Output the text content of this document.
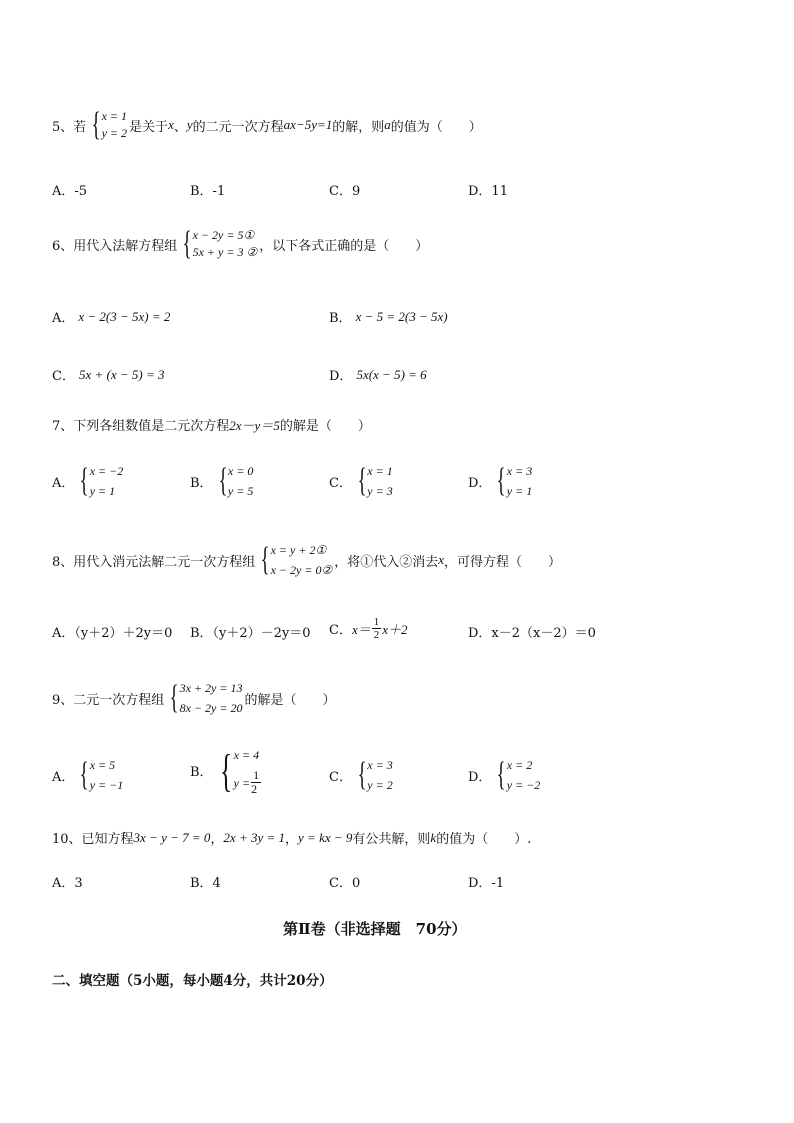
5、若 { x = 1
y = 2 是关于 x 、 y 的二元一次方程 ax−5y=1 的解，则 a 的值为（　　）
A．-5	B．-1	C．9	D．11
6、用代入法解方程组 { x − 2y = 5①
5x + y = 3 ② ，以下各式正确的是（　　）
A． x − 2(3 − 5x) = 2	B． x − 5 = 2(3 − 5x)
C． 5x + (x − 5) = 3	D． 5x(x − 5) = 6
7、下列各组数值是二元次方程 2x－y＝5 的解是（　　）
A． { x = −2
y = 1
B． { x = 0
y = 5
C． { x = 1
y = 3
D． { x = 3
y = 1
8、用代入消元法解二元一次方程组 { x = y + 2①
x − 2y = 0②
，将①代入②消去 x ，可得方程（　　）
A．（y＋2）＋2y＝0 B．（y＋2）－2y＝0 C． $x= \frac{1}{2} x+2$	D．x－2（x－2）＝0
9、二元一次方程组 { 3x + 2y = 13
8x − 2y = 20
的解是（　　）
A． { x = 5
y = −1
B． { x = 4
$y = \frac{1}{2}$	C． { x = 3
y = 2
D． { x = 2
y = −2
10、已知方程 3x − y − 7 = 0 ， 2x + 3y = 1 ， y = kx − 9 有公共解，则 k 的值为（　　）.
A．3	B．4	C．0	D．-1
第Ⅱ卷（非选择题　70分）
二、填空题（5小题，每小题4分，共计20分）
